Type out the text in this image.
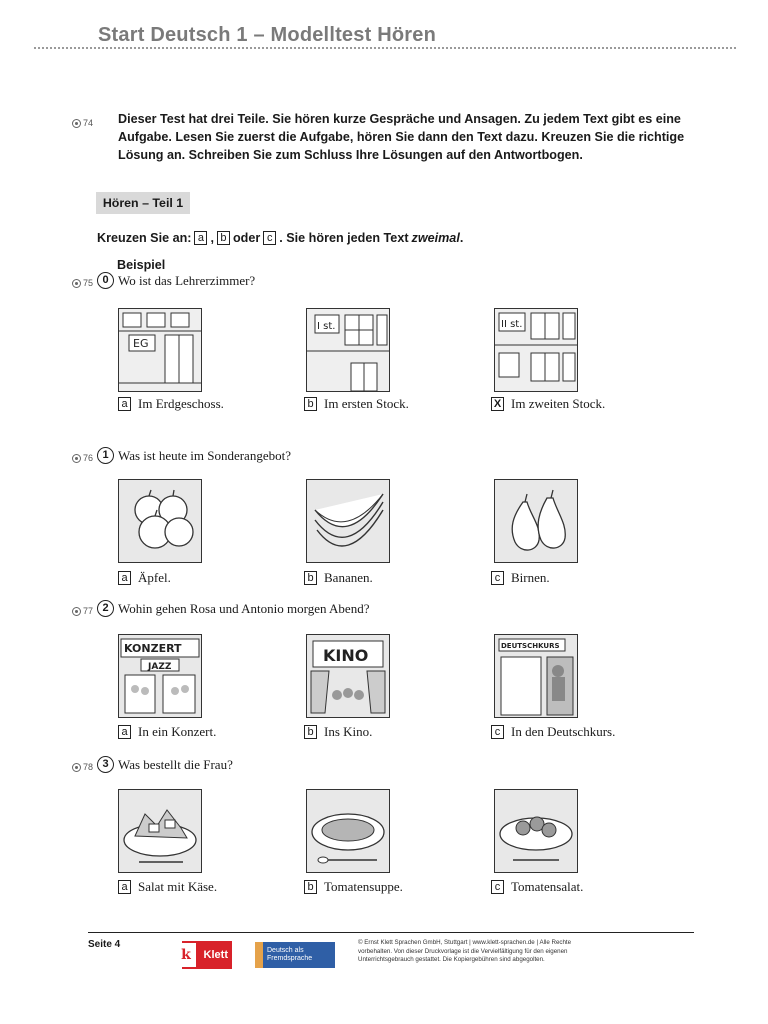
Start Deutsch 1 – Modelltest Hören
74 Dieser Test hat drei Teile. Sie hören kurze Gespräche und Ansagen. Zu jedem Text gibt es eine Aufgabe. Lesen Sie zuerst die Aufgabe, hören Sie dann den Text dazu. Kreuzen Sie die richtige Lösung an. Schreiben Sie zum Schluss Ihre Lösungen auf den Antwortbogen.
Hören – Teil 1
Kreuzen Sie an: a , b oder c . Sie hören jeden Text zweimal .
Beispiel
75 0 Wo ist das Lehrerzimmer?
EG
I st.	II st.
a Im Erdgeschoss.	b Im ersten Stock.	X Im zweiten Stock.
76 1 Was ist heute im Sonderangebot?
a Äpfel.	b Bananen.	c Birnen.
77 2 Wohin gehen Rosa und Antonio morgen Abend?
KONZERT
JAZZ
KINO	DEUTSCHKURS
a In ein Konzert.	b Ins Kino.	c In den Deutschkurs.
78 3 Was bestellt die Frau?
a Salat mit Käse.	b Tomatensuppe.	c Tomatensalat.
Seite 4
k	Klett	Deutsch als Fremdsprache
© Ernst Klett Sprachen GmbH, Stuttgart | www.klett-sprachen.de | Alle Rechte vorbehalten. Von dieser Druckvorlage ist die Vervielfältigung für den eigenen Unterrichtsgebrauch gestattet. Die Kopiergebühren sind abgegolten.
